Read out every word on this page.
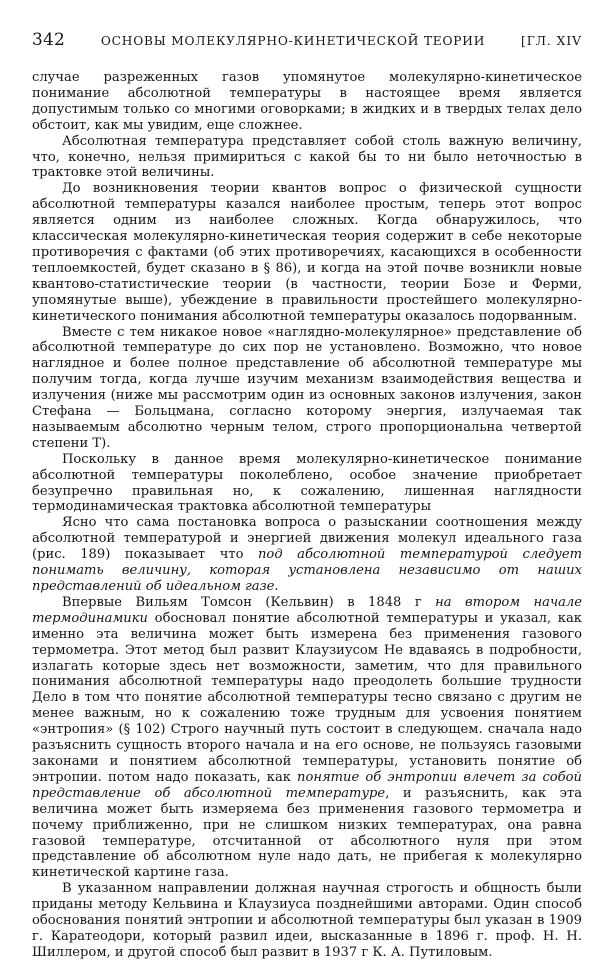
342	ОСНОВЫ МОЛЕКУЛЯРНО-КИНЕТИЧЕСКОЙ ТЕОРИИ	[ГЛ. XIV

случае разреженных газов упомянутое молекулярно-кинетическое понимание абсолютной температуры в настоящее время является допустимым только со многими оговорками; в жидких и в твердых телах дело обстоит, как мы увидим, еще сложнее.

Абсолютная температура представляет собой столь важную величину, что, конечно, нельзя примириться с какой бы то ни было неточностью в трактовке этой величины.

До возникновения теории квантов вопрос о физической сущности абсолютной температуры казался наиболее простым, теперь этот вопрос является одним из наиболее сложных. Когда обнаружилось, что классическая молекулярно-кинетическая теория содержит в себе некоторые противоречия с фактами (об этих противоречиях, касающихся в особенности теплоемкостей, будет сказано в § 86), и когда на этой почве возникли новые квантово-статистические теории (в частности, теории Бозе и Ферми, упомянутые выше), убеждение в правильности простейшего молекулярно-кинетического понимания абсолютной температуры оказалось подорванным.

Вместе с тем никакое новое «наглядно-молекулярное» представление об абсолютной температуре до сих пор не установлено. Возможно, что новое наглядное и более полное представление об абсолютной температуре мы получим тогда, когда лучше изучим механизм взаимодействия вещества и излучения (ниже мы рассмотрим один из основных законов излучения, закон Стефана — Больцмана, согласно которому энергия, излучаемая так называемым абсолютно черным телом, строго пропорциональна четвертой степени T).

Поскольку в данное время молекулярно-кинетическое понимание абсолютной температуры поколеблено, особое значение приобретает безупречно правильная но, к сожалению, лишенная наглядности термодинамическая трактовка абсолютной температуры

Ясно что сама постановка вопроса о разыскании соотношения между абсолютной температурой и энергией движения молекул идеального газа (рис. 189) показывает что под абсолютной температурой следует понимать величину, которая установлена независимо от наших представлений об идеальном газе.

Впервые Вильям Томсон (Кельвин) в 1848 г на втором начале термодинамики обосновал понятие абсолютной температуры и указал, как именно эта величина может быть измерена без применения газового термометра. Этот метод был развит Клаузиусом Не вдаваясь в подробности, излагать которые здесь нет возможности, заметим, что для правильного понимания абсолютной температуры надо преодолеть большие трудности Дело в том что понятие абсолютной температуры тесно связано с другим не менее важным, но к сожалению тоже трудным для усвоения понятием «энтропия» (§ 102) Строго научный путь состоит в следующем. сначала надо разъяснить сущность второго начала и на его основе, не пользуясь газовыми законами и понятием абсолютной температуры, установить понятие об энтропии. потом надо показать, как понятие об энтропии влечет за собой представление об абсолютной температуре, и разъяснить, как эта величина может быть измеряема без применения газового термометра и почему приближенно, при не слишком низких температурах, она равна газовой температуре, отсчитанной от абсолютного нуля при этом представление об абсолютном нуле надо дать, не прибегая к молекулярно кинетической картине газа.

В указанном направлении должная научная строгость и общность были приданы методу Кельвина и Клаузиуса позднейшими авторами. Один способ обоснования понятий энтропии и абсолютной температуры был указан в 1909 г. Каратеодори, который развил идеи, высказанные в 1896 г. проф. Н. Н. Шиллером, и другой способ был развит в 1937 г К. А. Путиловым.
